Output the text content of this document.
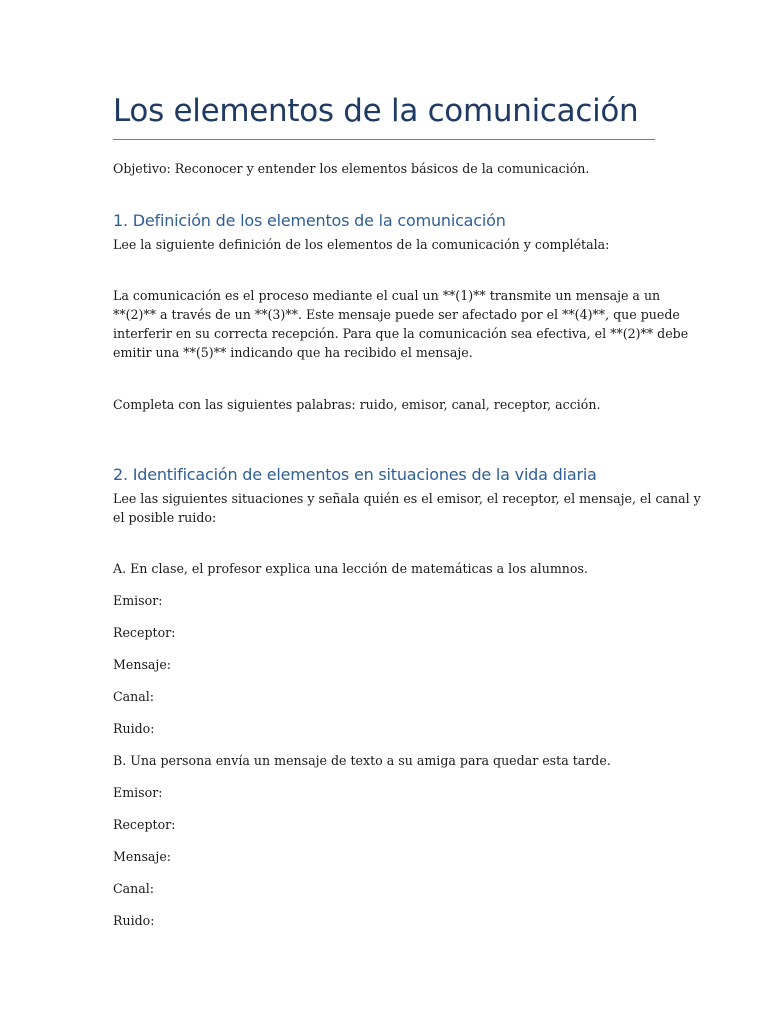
Los elementos de la comunicación

Objetivo: Reconocer y entender los elementos básicos de la comunicación.

1. Definición de los elementos de la comunicación

Lee la siguiente definición de los elementos de la comunicación y complétala:

La comunicación es el proceso mediante el cual un **(1)** transmite un mensaje a un

**(2)** a través de un **(3)**. Este mensaje puede ser afectado por el **(4)**, que puede

interferir en su correcta recepción. Para que la comunicación sea efectiva, el **(2)** debe

emitir una **(5)** indicando que ha recibido el mensaje.

Completa con las siguientes palabras: ruido, emisor, canal, receptor, acción.

2. Identificación de elementos en situaciones de la vida diaria

Lee las siguientes situaciones y señala quién es el emisor, el receptor, el mensaje, el canal y

el posible ruido:

A. En clase, el profesor explica una lección de matemáticas a los alumnos.

Emisor:

Receptor:

Mensaje:

Canal:

Ruido:

B. Una persona envía un mensaje de texto a su amiga para quedar esta tarde.

Emisor:

Receptor:

Mensaje:

Canal:

Ruido:
